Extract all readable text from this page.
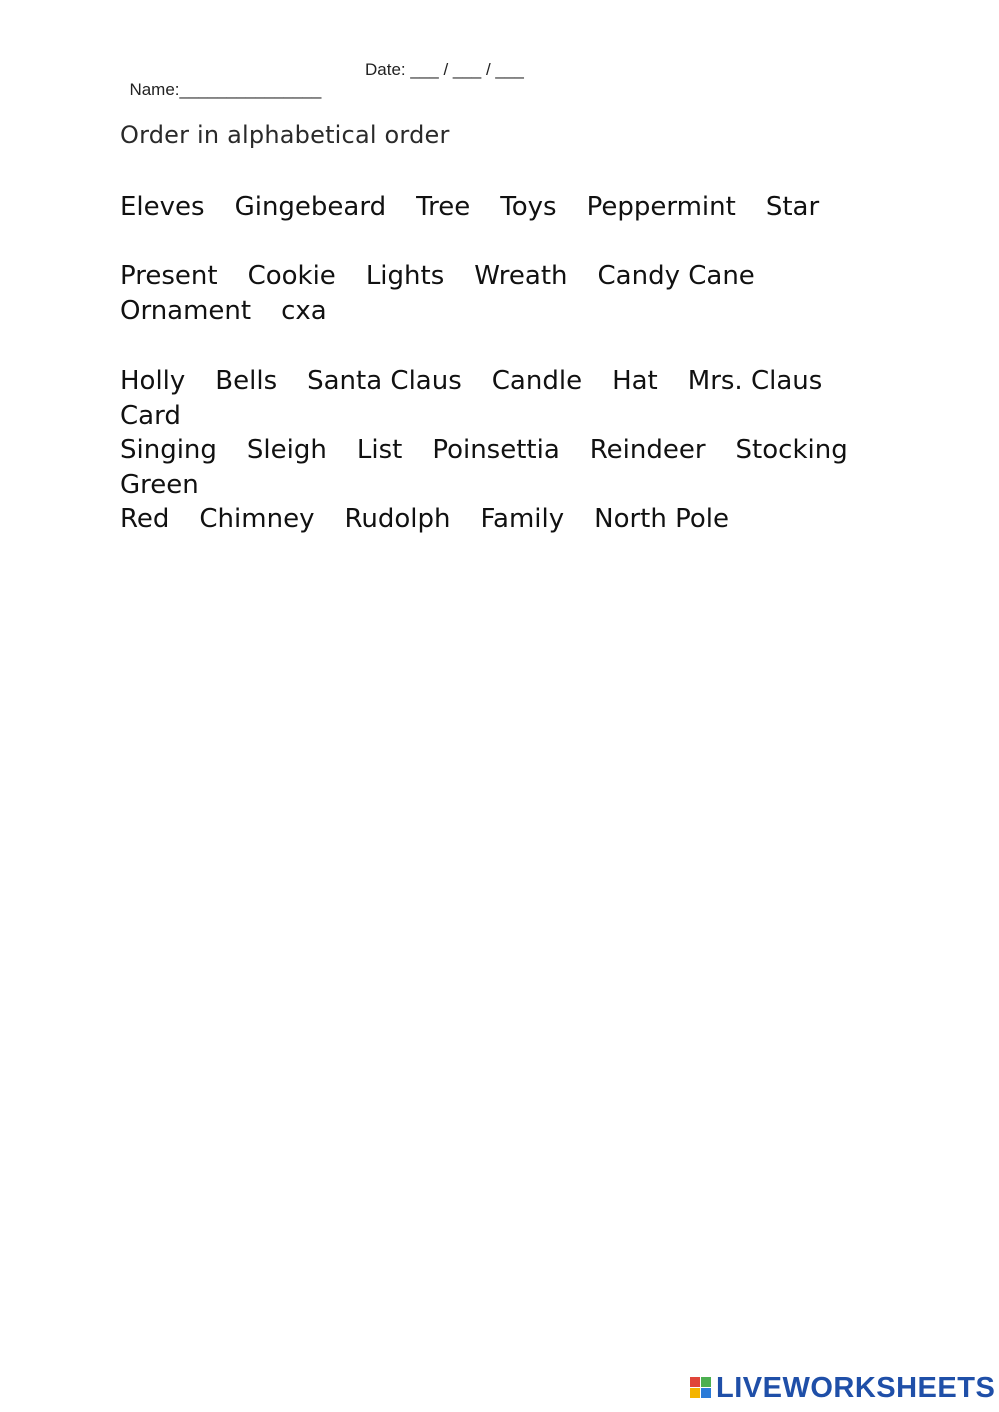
Name:_______________

Date: ___ / ___ / ___

Order in alphabetical order
Eleves Gingebeard Tree Toys Peppermint Star
Present Cookie Lights Wreath Candy CaneOrnament cxa
Holly Bells Santa Claus Candle Hat Mrs. ClausCard
Singing Sleigh List Poinsettia Reindeer StockingGreen
Red Chimney Rudolph Family North Pole
LIVEWORKSHEETS
